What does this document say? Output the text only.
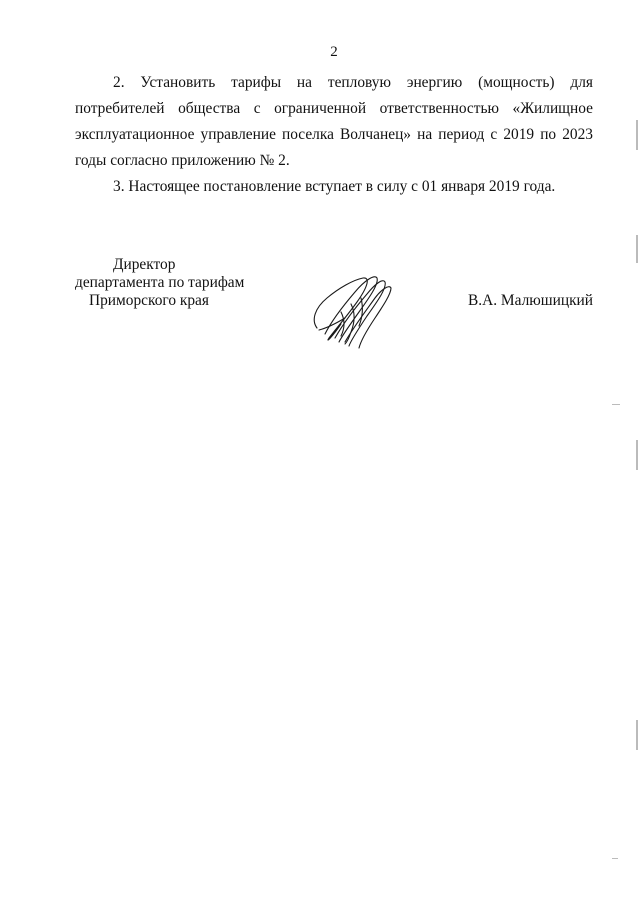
2
2. Установить тарифы на тепловую энергию (мощность) для
потребителей общества с ограниченной ответственностью «Жилищное
эксплуатационное управление поселка Волчанец» на период с 2019 по 2023
годы согласно приложению № 2.
3. Настоящее постановление вступает в силу с 01 января 2019 года.
Директор
департамента по тарифам
Приморского края	В.А. Малюшицкий
